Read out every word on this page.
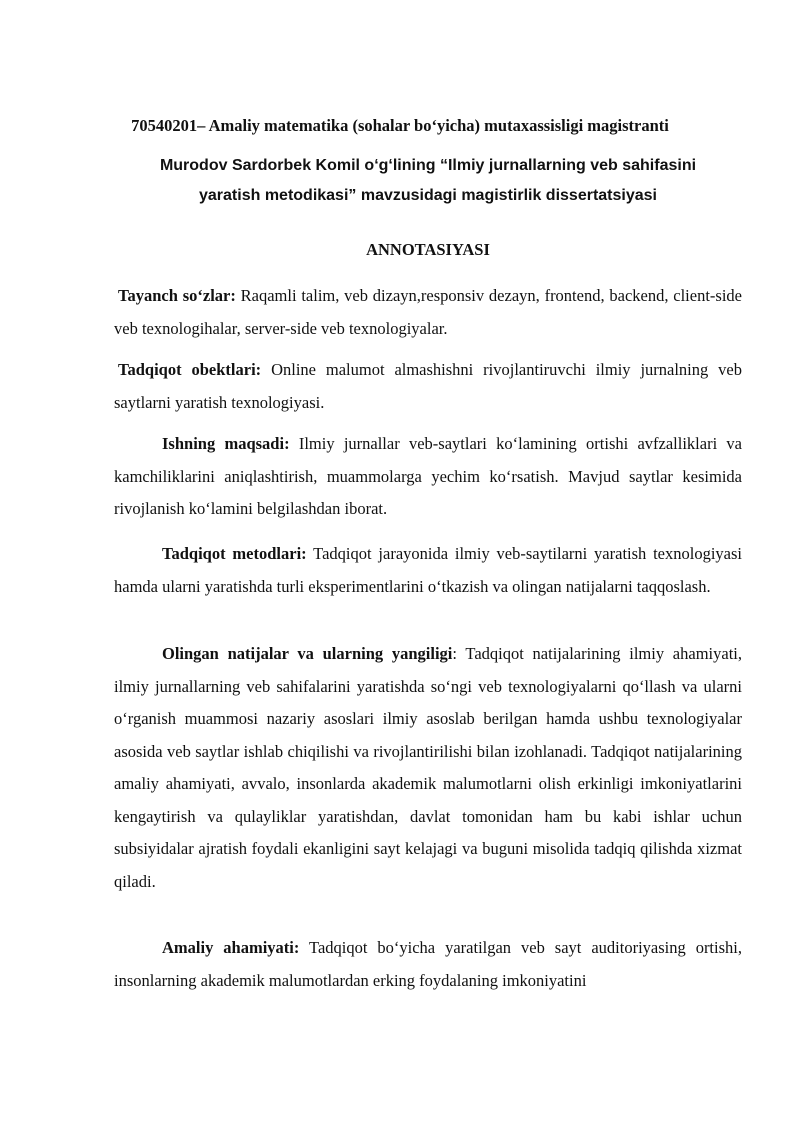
70540201– Amaliy matematika (sohalar bo‘yicha) mutaxassisligi magistranti
Murodov Sardorbek Komil o‘g‘lining “Ilmiy jurnallarning veb sahifasini
yaratish metodikasi” mavzusidagi magistirlik dissertatsiyasi
ANNOTASIYASI
Tayanch so‘zlar: Raqamli talim, veb dizayn,responsiv dezayn, frontend, backend, client-side veb texnologihalar, server-side veb texnologiyalar.
Tadqiqot obektlari: Online malumot almashishni rivojlantiruvchi ilmiy jurnalning veb saytlarni yaratish texnologiyasi.
Ishning maqsadi: Ilmiy jurnallar veb-saytlari ko‘lamining ortishi avfzalliklari va kamchiliklarini aniqlashtirish, muammolarga yechim ko‘rsatish. Mavjud saytlar kesimida rivojlanish ko‘lamini belgilashdan iborat.
Tadqiqot metodlari: Tadqiqot jarayonida ilmiy veb-saytilarni yaratish texnologiyasi hamda ularni yaratishda turli eksperimentlarini o‘tkazish va olingan natijalarni taqqoslash.
Olingan natijalar va ularning yangiligi: Tadqiqot natijalarining ilmiy ahamiyati, ilmiy jurnallarning veb sahifalarini yaratishda so‘ngi veb texnologiyalarni qo‘llash va ularni o‘rganish muammosi nazariy asoslari ilmiy asoslab berilgan hamda ushbu texnologiyalar asosida veb saytlar ishlab chiqilishi va rivojlantirilishi bilan izohlanadi. Tadqiqot natijalarining amaliy ahamiyati, avvalo, insonlarda akademik malumotlarni olish erkinligi imkoniyatlarini kengaytirish va qulayliklar yaratishdan, davlat tomonidan ham bu kabi ishlar uchun subsiyidalar ajratish foydali ekanligini sayt kelajagi va buguni misolida tadqiq qilishda xizmat qiladi.
Amaliy ahamiyati: Tadqiqot bo‘yicha yaratilgan veb sayt auditoriyasing ortishi, insonlarning akademik malumotlardan erking foydalaning imkoniyatini
